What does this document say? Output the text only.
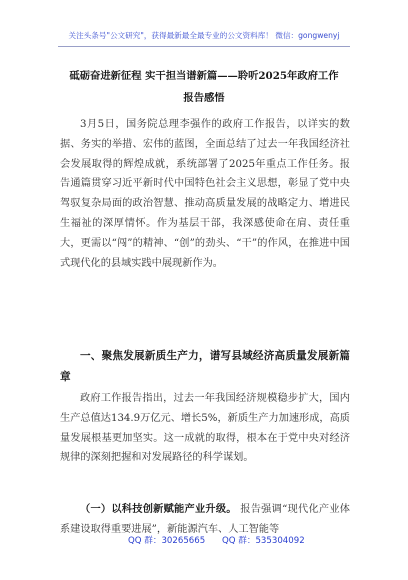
关注头条号"公文研究"，获得最新最全最专业的公文资料库！ 微信：gongwenyj
砥砺奋进新征程 实干担当谱新篇——聆听2025年政府工作
报告感悟

3月5日，国务院总理李强作的政府工作报告，以详实的数据、务实的举措、宏伟的蓝图，全面总结了过去一年我国经济社会发展取得的辉煌成就，系统部署了2025年重点工作任务。报告通篇贯穿习近平新时代中国特色社会主义思想，彰显了党中央驾驭复杂局面的政治智慧、推动高质量发展的战略定力、增进民生福祉的深厚情怀。作为基层干部，我深感使命在肩、责任重大，更需以“闯”的精神、“创”的劲头、“干”的作风，在推进中国式现代化的县域实践中展现新作为。

一、聚焦发展新质生产力，谱写县域经济高质量发展新篇章

政府工作报告指出，过去一年我国经济规模稳步扩大，国内生产总值达134.9万亿元、增长5%，新质生产力加速形成，高质量发展根基更加坚实。这一成就的取得，根本在于党中央对经济规律的深刻把握和对发展路径的科学谋划。

（一）以科技创新赋能产业升级。 报告强调“现代化产业体系建设取得重要进展”，新能源汽车、人工智能等

QQ 群：30265665 QQ 群：535304092
